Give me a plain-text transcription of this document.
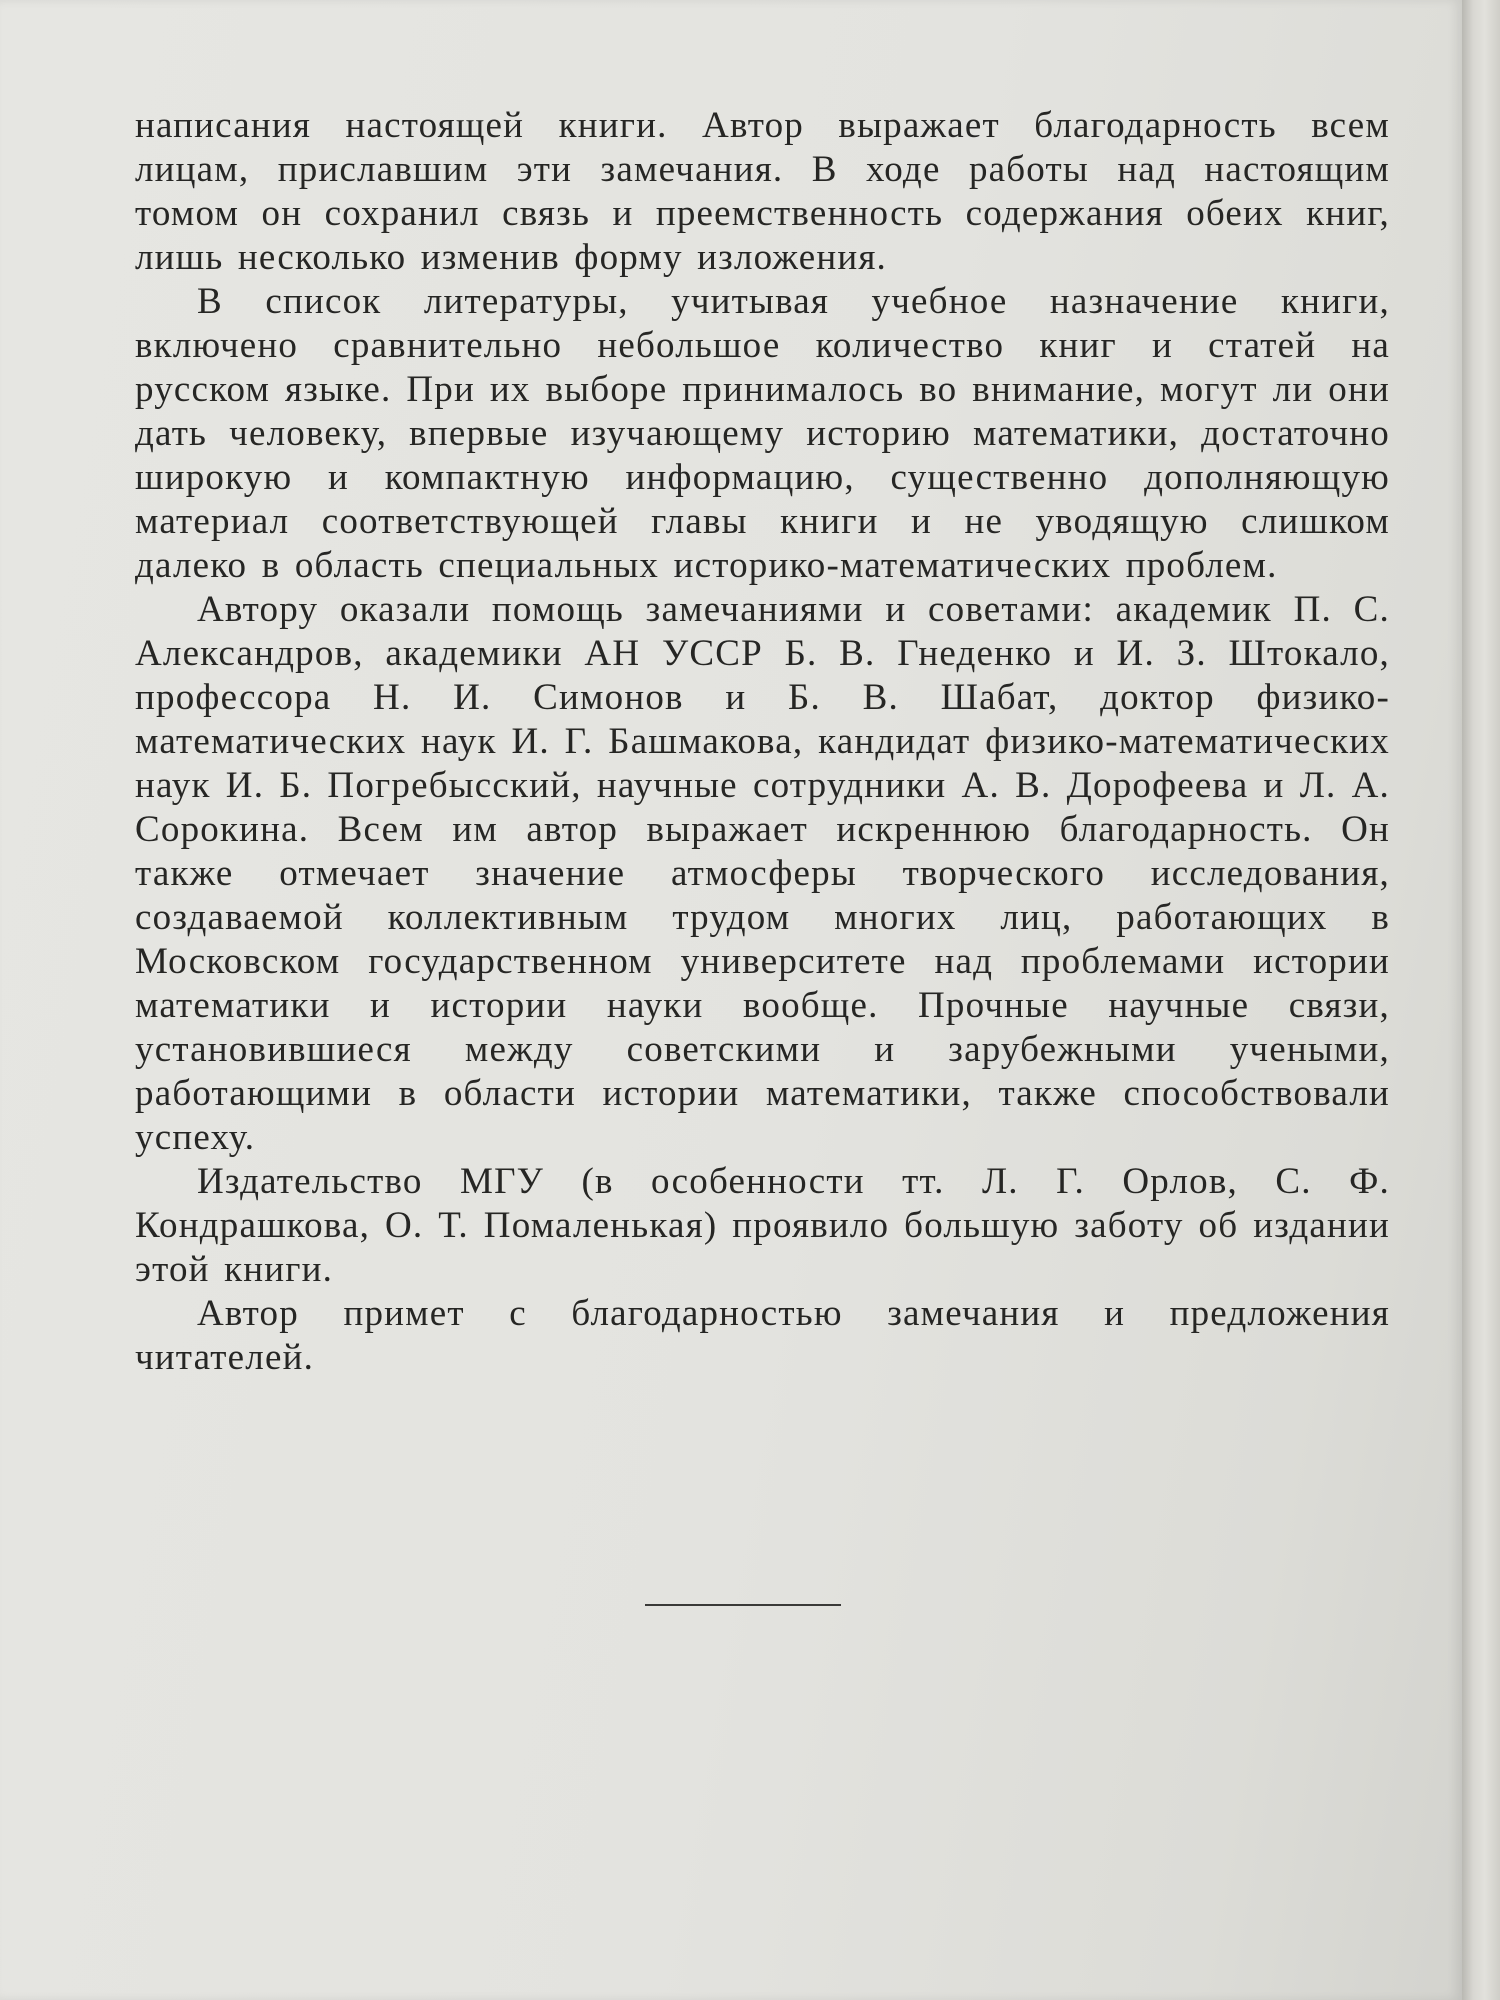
написания настоящей книги. Автор выражает благодарность всем лицам, приславшим эти замечания. В ходе работы над настоящим томом он сохранил связь и преемственность содержания обеих книг, лишь несколько изменив форму изложения.

В список литературы, учитывая учебное назначение книги, включено сравнительно небольшое количество книг и статей на русском языке. При их выборе принималось во внимание, могут ли они дать человеку, впервые изучающему историю математики, достаточно широкую и компактную информацию, существенно дополняющую материал соответствующей главы книги и не уводящую слишком далеко в область специальных историко-математических проблем.

Автору оказали помощь замечаниями и советами: академик П. С. Александров, академики АН УССР Б. В. Гнеденко и И. З. Штокало, профессора Н. И. Симонов и Б. В. Шабат, доктор физико-математических наук И. Г. Башмакова, кандидат физико-математических наук И. Б. Погребысский, научные сотрудники А. В. Дорофеева и Л. А. Сорокина. Всем им автор выражает искреннюю благодарность. Он также отмечает значение атмосферы творческого исследования, создаваемой коллективным трудом многих лиц, работающих в Московском государственном университете над проблемами истории математики и истории науки вообще. Прочные научные связи, установившиеся между советскими и зарубежными учеными, работающими в области истории математики, также способствовали успеху.

Издательство МГУ (в особенности тт. Л. Г. Орлов, С. Ф. Кондрашкова, О. Т. Помаленькая) проявило большую заботу об издании этой книги.

Автор примет с благодарностью замечания и предложения читателей.
